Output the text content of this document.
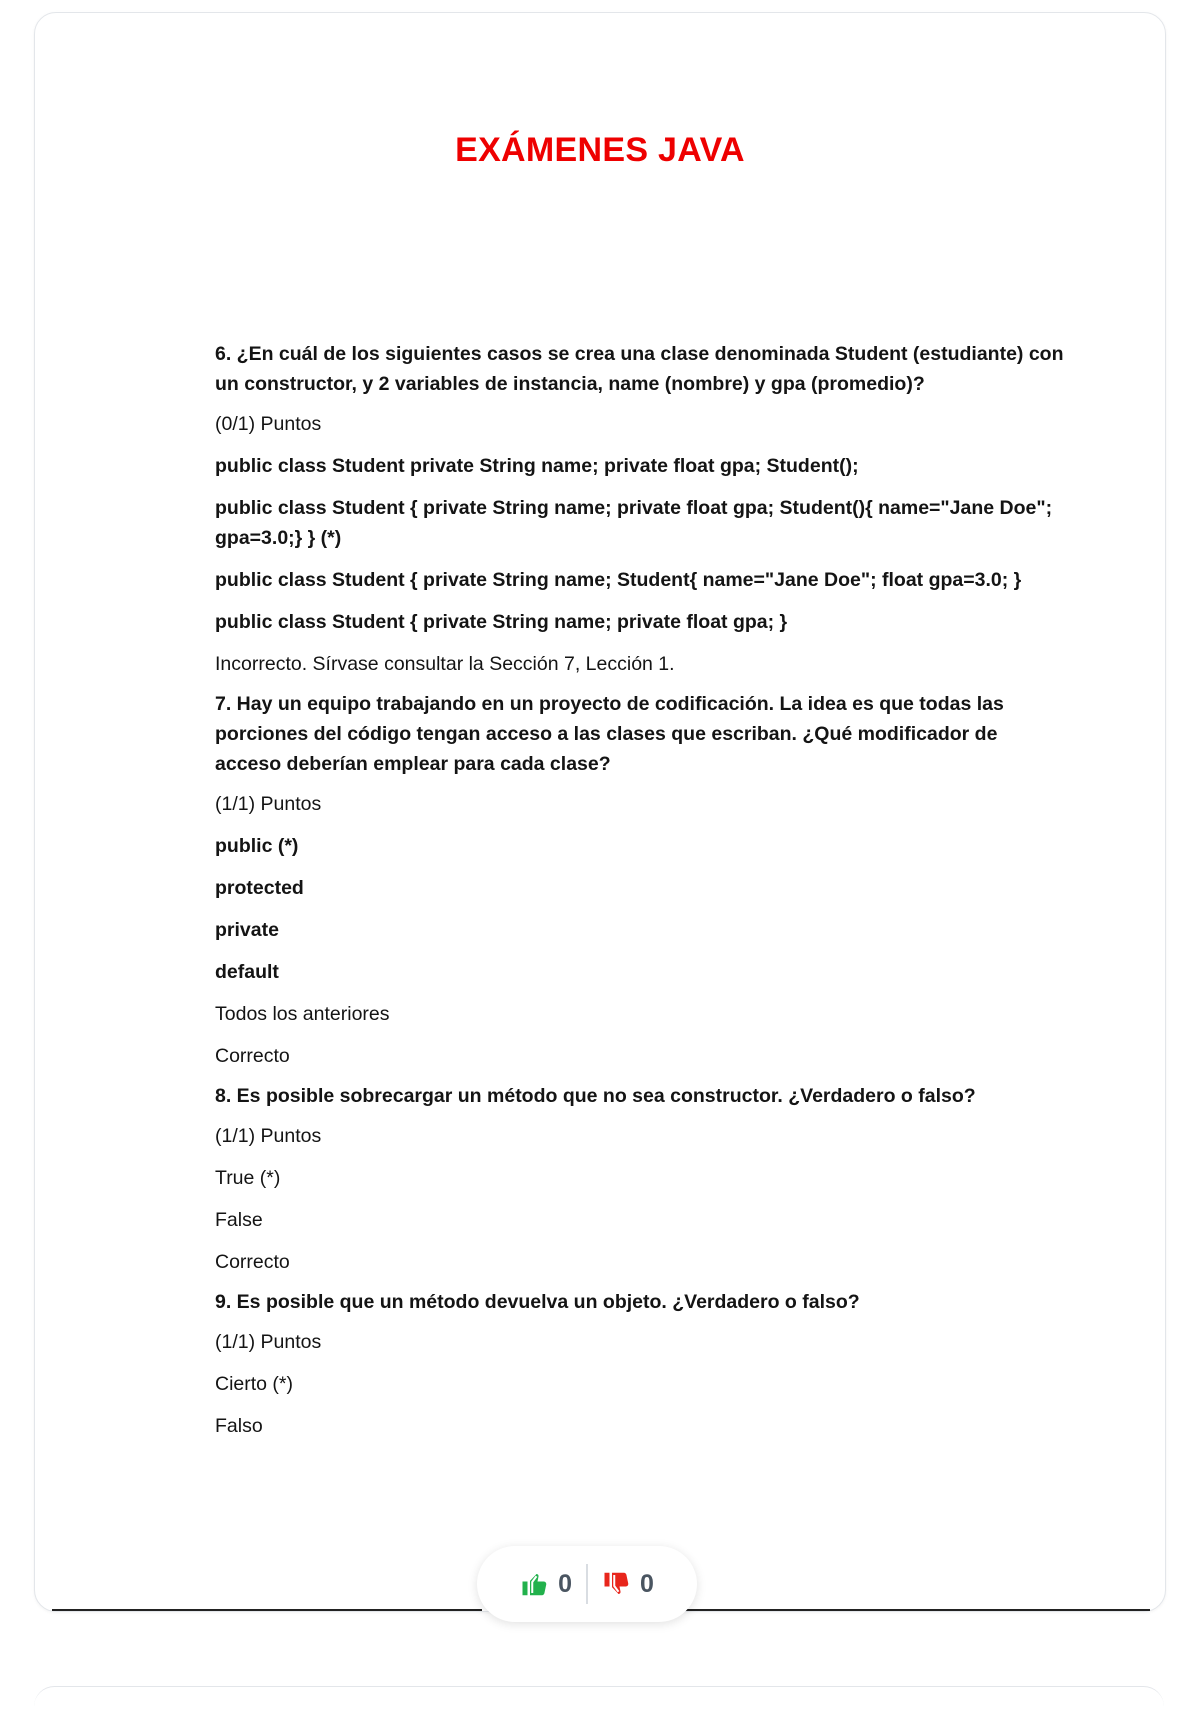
EXÁMENES JAVA

6. ¿En cuál de los siguientes casos se crea una clase denominada Student (estudiante) con un constructor, y 2 variables de instancia, name (nombre) y gpa (promedio)?

(0/1) Puntos

public class Student private String name; private float gpa; Student();

public class Student { private String name; private float gpa; Student(){ name="Jane Doe"; gpa=3.0;} } (*)

public class Student { private String name; Student{ name="Jane Doe"; float gpa=3.0; }

public class Student { private String name; private float gpa; }

Incorrecto. Sírvase consultar la Sección 7, Lección 1.

7. Hay un equipo trabajando en un proyecto de codificación. La idea es que todas las porciones del código tengan acceso a las clases que escriban. ¿Qué modificador de acceso deberían emplear para cada clase?

(1/1) Puntos

public (*)

protected

private

default

Todos los anteriores

Correcto

8. Es posible sobrecargar un método que no sea constructor. ¿Verdadero o falso?

(1/1) Puntos

True (*)

False

Correcto

9. Es posible que un método devuelva un objeto. ¿Verdadero o falso?

(1/1) Puntos

Cierto (*)

Falso

0	0
